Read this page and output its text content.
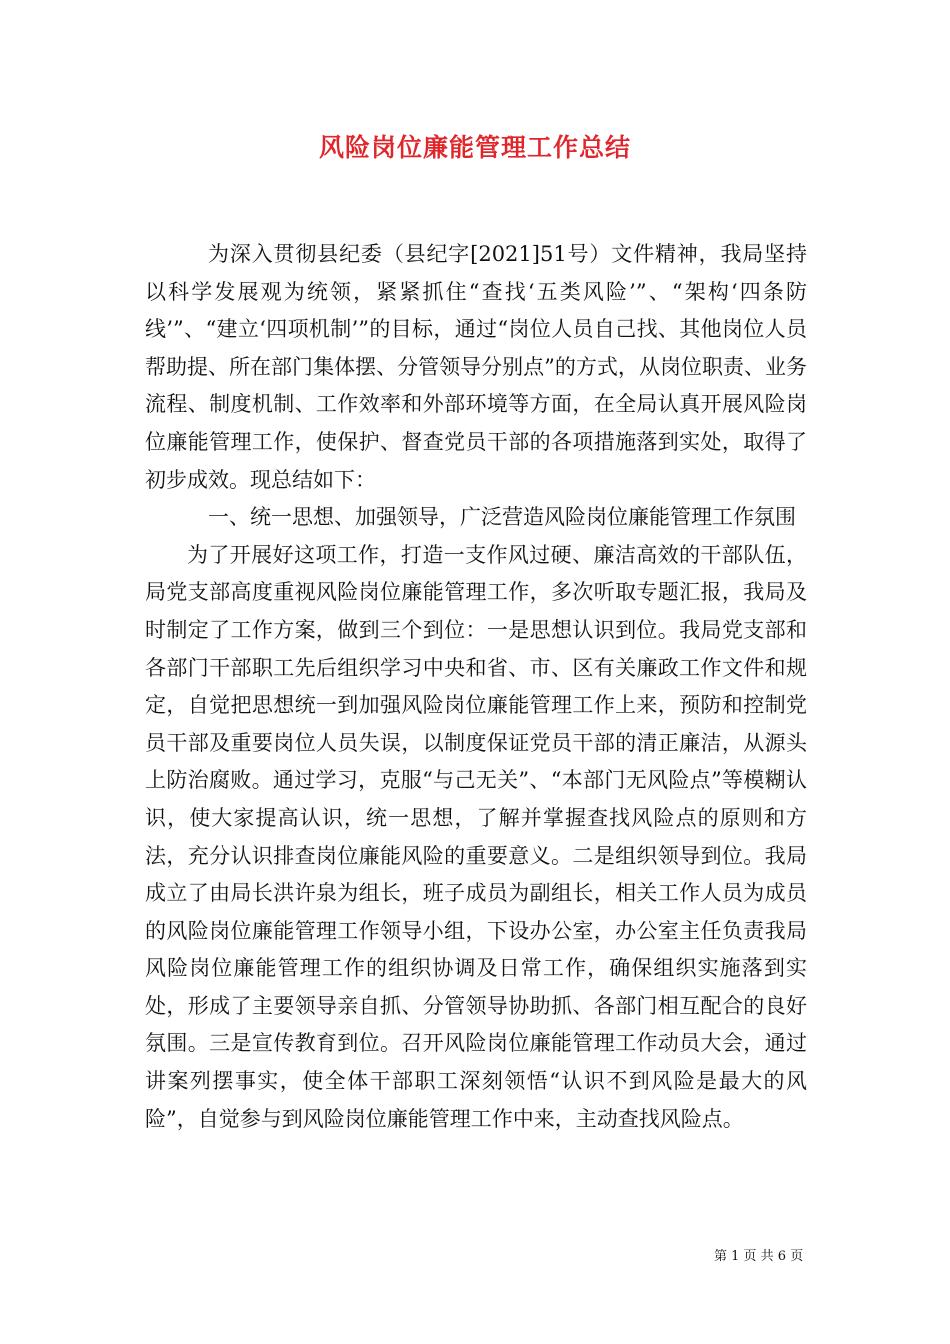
风险岗位廉能管理工作总结

为深入贯彻县纪委（县纪字[2021]51号）文件精神，我局坚持以科学发展观为统领，紧紧抓住“查找‘五类风险’”、“架构‘四条防线’”、“建立‘四项机制’”的目标，通过“岗位人员自己找、其他岗位人员帮助提、所在部门集体摆、分管领导分别点”的方式，从岗位职责、业务流程、制度机制、工作效率和外部环境等方面，在全局认真开展风险岗位廉能管理工作，使保护、督查党员干部的各项措施落到实处，取得了初步成效。现总结如下：

一、统一思想、加强领导，广泛营造风险岗位廉能管理工作氛围

为了开展好这项工作，打造一支作风过硬、廉洁高效的干部队伍，局党支部高度重视风险岗位廉能管理工作，多次听取专题汇报，我局及时制定了工作方案，做到三个到位：一是思想认识到位。我局党支部和各部门干部职工先后组织学习中央和省、市、区有关廉政工作文件和规定，自觉把思想统一到加强风险岗位廉能管理工作上来，预防和控制党员干部及重要岗位人员失误，以制度保证党员干部的清正廉洁，从源头上防治腐败。通过学习，克服“与己无关”、“本部门无风险点”等模糊认识，使大家提高认识，统一思想，了解并掌握查找风险点的原则和方法，充分认识排查岗位廉能风险的重要意义。二是组织领导到位。我局成立了由局长洪许泉为组长，班子成员为副组长，相关工作人员为成员的风险岗位廉能管理工作领导小组，下设办公室，办公室主任负责我局风险岗位廉能管理工作的组织协调及日常工作，确保组织实施落到实处，形成了主要领导亲自抓、分管领导协助抓、各部门相互配合的良好氛围。三是宣传教育到位。召开风险岗位廉能管理工作动员大会，通过讲案列摆事实，使全体干部职工深刻领悟“认识不到风险是最大的风险”，自觉参与到风险岗位廉能管理工作中来，主动查找风险点。

第 1 页 共 6 页
